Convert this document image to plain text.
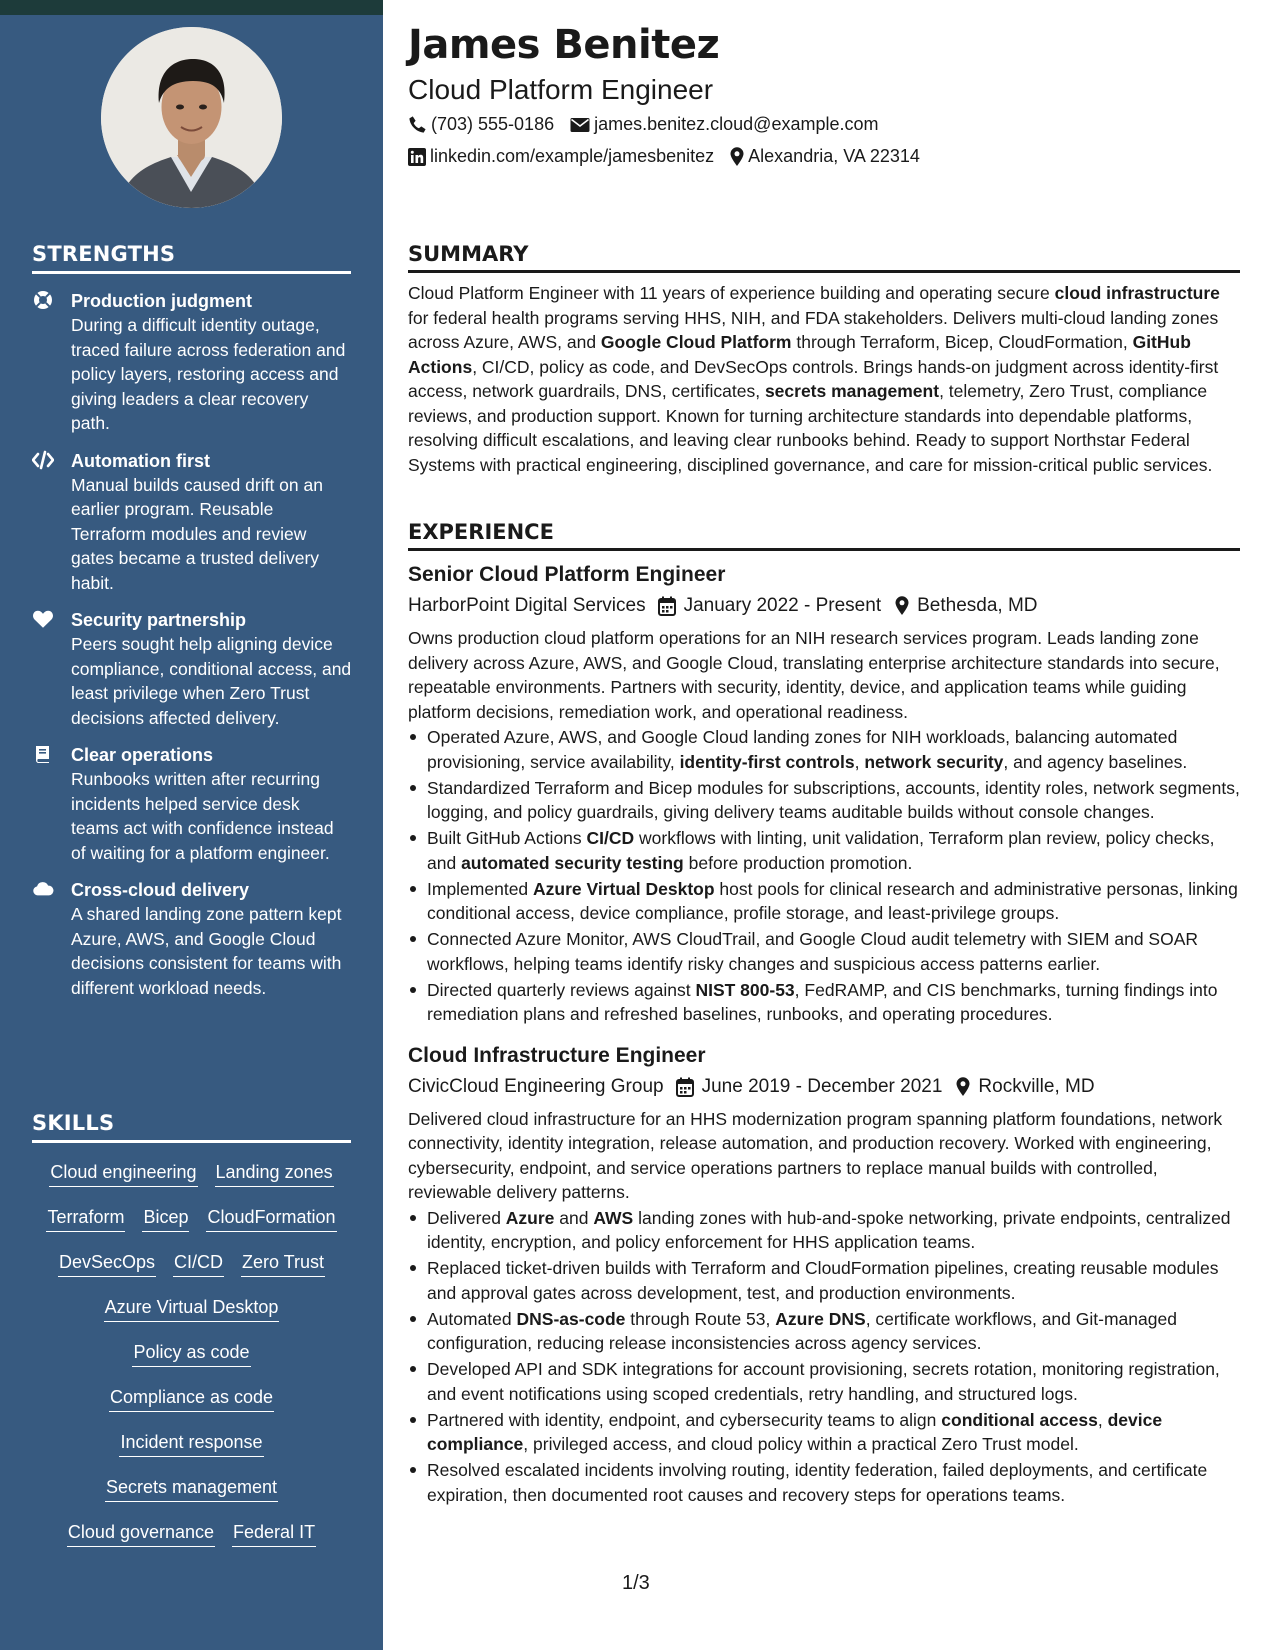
STRENGTHS
Production judgment
During a difficult identity outage, traced failure across federation and policy layers, restoring access and giving leaders a clear recovery path.
Automation first
Manual builds caused drift on an earlier program. Reusable Terraform modules and review gates became a trusted delivery habit.
Security partnership
Peers sought help aligning device compliance, conditional access, and least privilege when Zero Trust decisions affected delivery.
Clear operations
Runbooks written after recurring incidents helped service desk teams act with confidence instead of waiting for a platform engineer.
Cross-cloud delivery
A shared landing zone pattern kept Azure, AWS, and Google Cloud decisions consistent for teams with different workload needs.
SKILLS
Cloud engineering Landing zones
Terraform Bicep CloudFormation
DevSecOps CI/CD Zero Trust
Azure Virtual Desktop
Policy as code
Compliance as code
Incident response
Secrets management
Cloud governance Federal IT
James Benitez
Cloud Platform Engineer
(703) 555-0186 james.benitez.cloud@example.com
linkedin.com/example/jamesbenitez Alexandria, VA 22314
SUMMARY

Cloud Platform Engineer with 11 years of experience building and operating secure cloud infrastructure for federal health programs serving HHS, NIH, and FDA stakeholders. Delivers multi-cloud landing zones across Azure, AWS, and Google Cloud Platform through Terraform, Bicep, CloudFormation, GitHub Actions, CI/CD, policy as code, and DevSecOps controls. Brings hands-on judgment across identity-first access, network guardrails, DNS, certificates, secrets management, telemetry, Zero Trust, compliance reviews, and production support. Known for turning architecture standards into dependable platforms, resolving difficult escalations, and leaving clear runbooks behind. Ready to support Northstar Federal Systems with practical engineering, disciplined governance, and care for mission-critical public services.

EXPERIENCE
Senior Cloud Platform Engineer
HarborPoint Digital Services January 2022 - Present Bethesda, MD

Owns production cloud platform operations for an NIH research services program. Leads landing zone delivery across Azure, AWS, and Google Cloud, translating enterprise architecture standards into secure, repeatable environments. Partners with security, identity, device, and application teams while guiding platform decisions, remediation work, and operational readiness.

Operated Azure, AWS, and Google Cloud landing zones for NIH workloads, balancing automated provisioning, service availability, identity-first controls, network security, and agency baselines.
Standardized Terraform and Bicep modules for subscriptions, accounts, identity roles, network segments, logging, and policy guardrails, giving delivery teams auditable builds without console changes.
Built GitHub Actions CI/CD workflows with linting, unit validation, Terraform plan review, policy checks, and automated security testing before production promotion.
Implemented Azure Virtual Desktop host pools for clinical research and administrative personas, linking conditional access, device compliance, profile storage, and least-privilege groups.
Connected Azure Monitor, AWS CloudTrail, and Google Cloud audit telemetry with SIEM and SOAR workflows, helping teams identify risky changes and suspicious access patterns earlier.
Directed quarterly reviews against NIST 800-53, FedRAMP, and CIS benchmarks, turning findings into remediation plans and refreshed baselines, runbooks, and operating procedures.
Cloud Infrastructure Engineer
CivicCloud Engineering Group June 2019 - December 2021 Rockville, MD

Delivered cloud infrastructure for an HHS modernization program spanning platform foundations, network connectivity, identity integration, release automation, and production recovery. Worked with engineering, cybersecurity, endpoint, and service operations partners to replace manual builds with controlled, reviewable delivery patterns.

Delivered Azure and AWS landing zones with hub-and-spoke networking, private endpoints, centralized identity, encryption, and policy enforcement for HHS application teams.
Replaced ticket-driven builds with Terraform and CloudFormation pipelines, creating reusable modules and approval gates across development, test, and production environments.
Automated DNS-as-code through Route 53, Azure DNS, certificate workflows, and Git-managed configuration, reducing release inconsistencies across agency services.
Developed API and SDK integrations for account provisioning, secrets rotation, monitoring registration, and event notifications using scoped credentials, retry handling, and structured logs.
Partnered with identity, endpoint, and cybersecurity teams to align conditional access, device compliance, privileged access, and cloud policy within a practical Zero Trust model.
Resolved escalated incidents involving routing, identity federation, failed deployments, and certificate expiration, then documented root causes and recovery steps for operations teams.
1/3
